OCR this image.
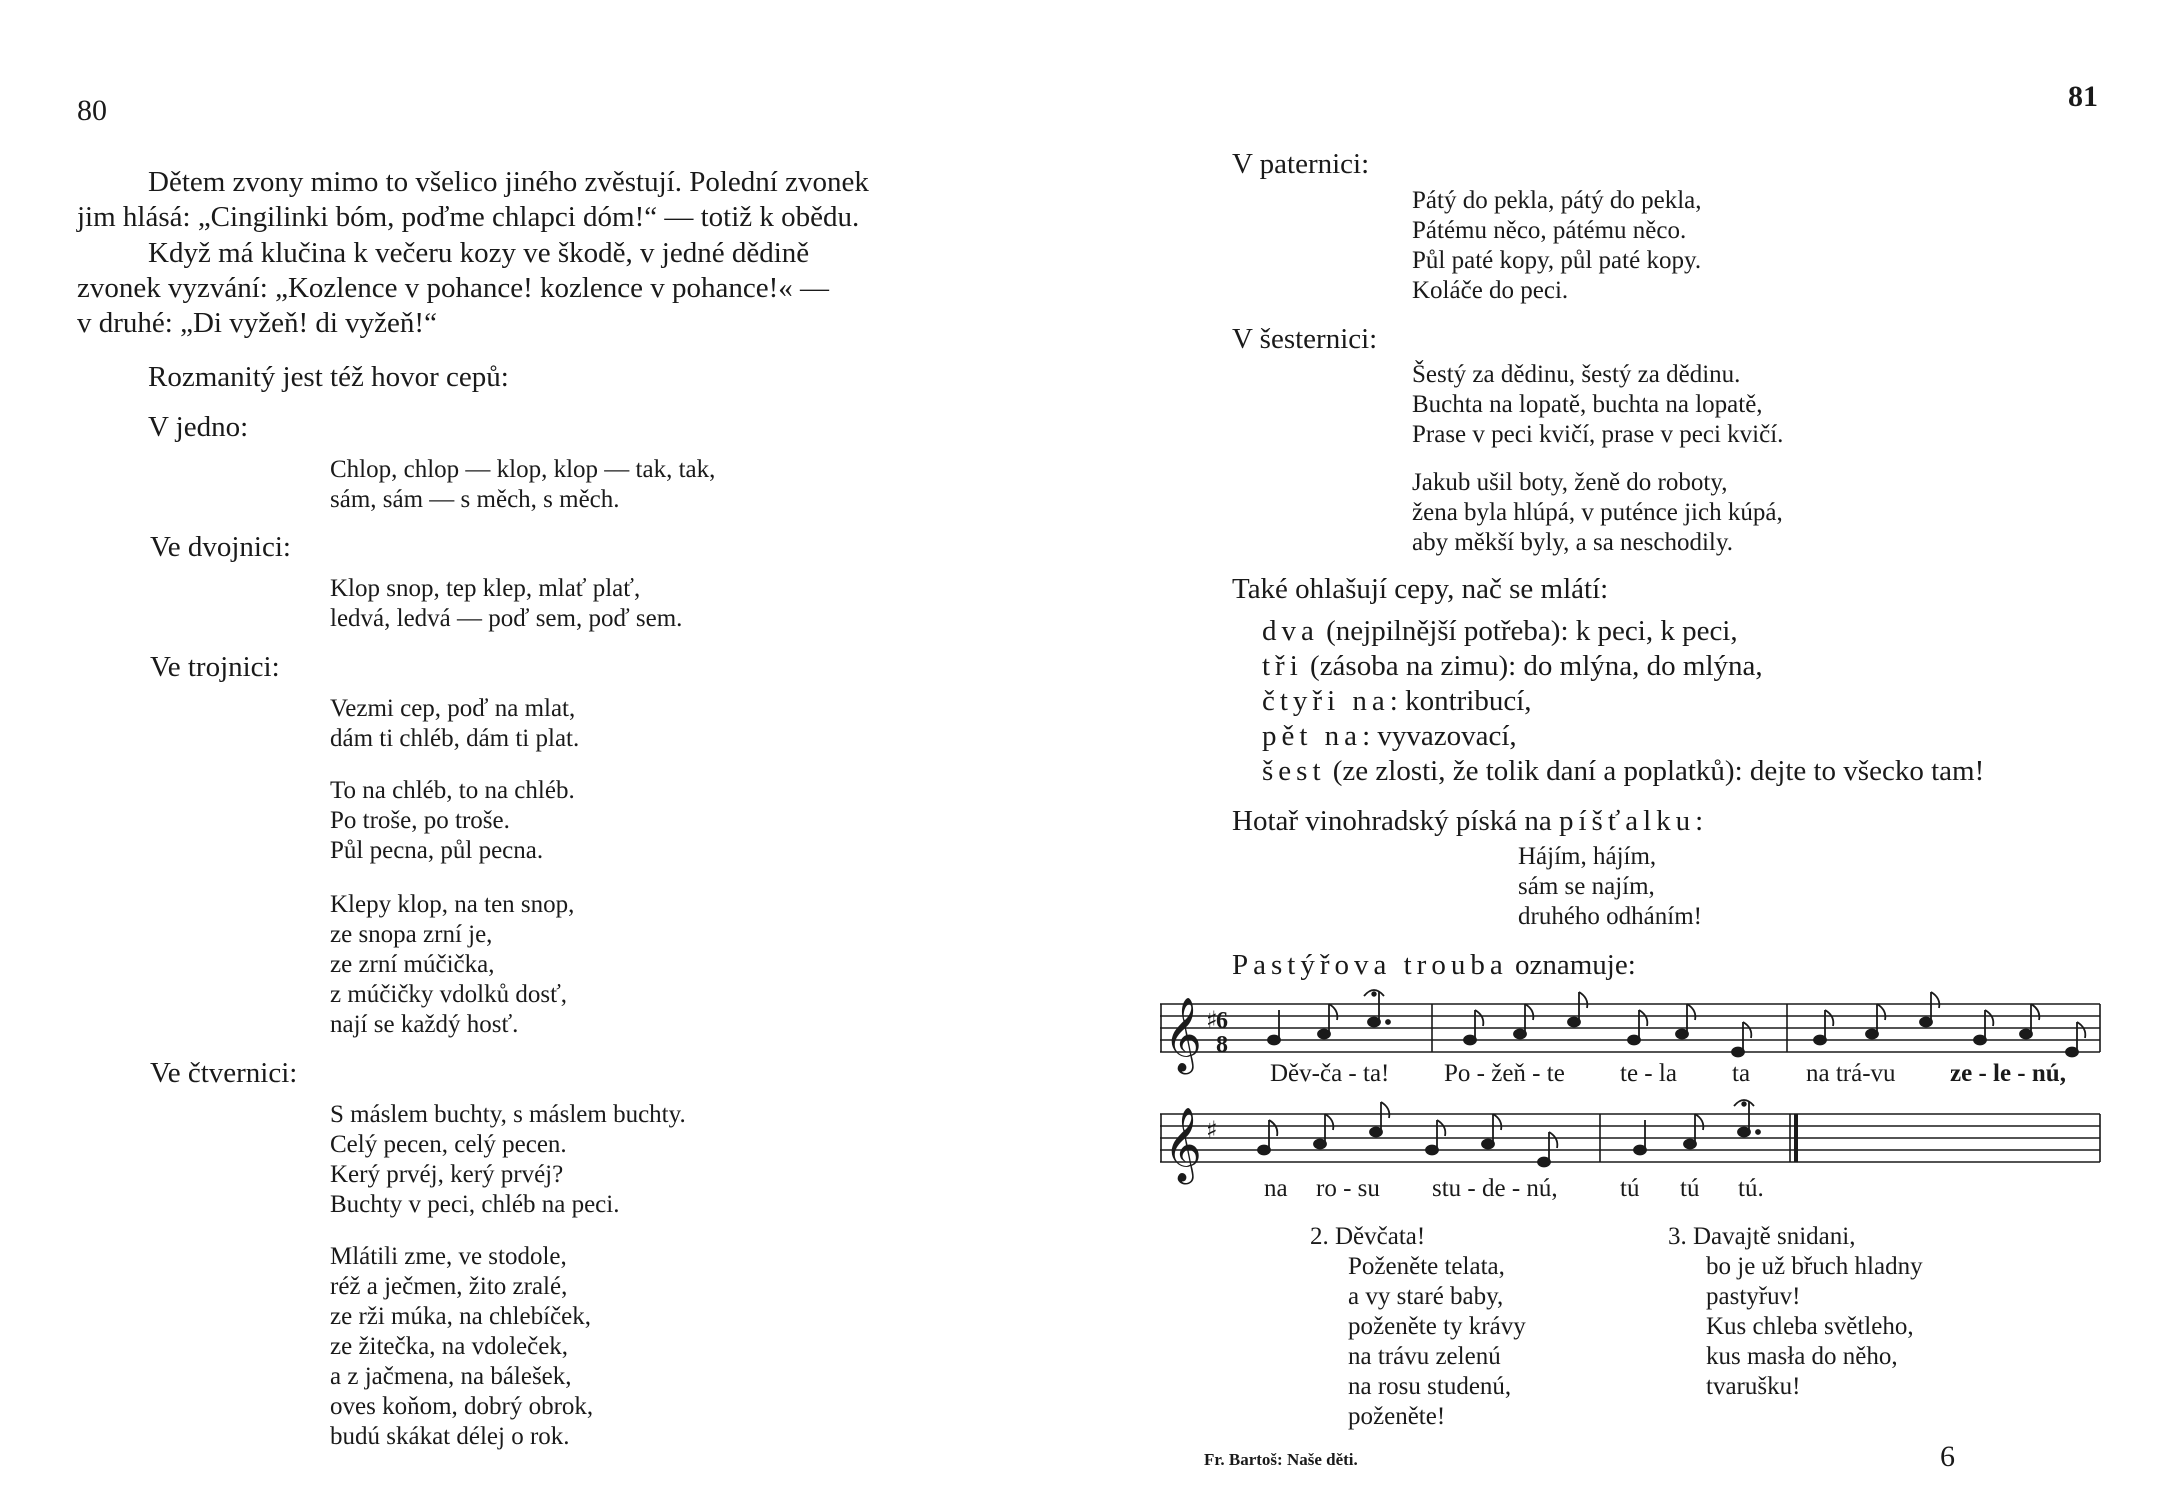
80
Dětem zvony mimo to všelico jiného zvěstují. Polední zvonek
jim hlásá: „Cingilinki bóm, poďme chlapci dóm!“ — totiž k obědu.
Když má klučina k večeru kozy ve škodě, v jedné dědině
zvonek vyzvání: „Kozlence v pohance! kozlence v pohance!« —
v druhé: „Di vyžeň! di vyžeň!“
Rozmanitý jest též hovor cepů:
V jedno:
Chlop, chlop — klop, klop — tak, tak,
sám, sám — s měch, s měch.
Ve dvojnici:
Klop snop, tep klep, mlať plať,
ledvá, ledvá — poď sem, poď sem.
Ve trojnici:
Vezmi cep, poď na mlat,
dám ti chléb, dám ti plat.
To na chléb, to na chléb.
Po troše, po troše.
Půl pecna, půl pecna.
Klepy klop, na ten snop,
ze snopa zrní je,
ze zrní múčička,
z múčičky vdolků dosť,
nají se každý hosť.
Ve čtvernici:
S máslem buchty, s máslem buchty.
Celý pecen, celý pecen.
Kerý prvéj, kerý prvéj?
Buchty v peci, chléb na peci.
Mlátili zme, ve stodole,
réž a ječmen, žito zralé,
ze rži múka, na chlebíček,
ze žitečka, na vdoleček,
a z jačmena, na bálešek,
oves koňom, dobrý obrok,
budú skákat délej o rok.
81
V paternici:
Pátý do pekla, pátý do pekla,
Pátému něco, pátému něco.
Půl paté kopy, půl paté kopy.
Koláče do peci.
V šesternici:
Šestý za dědinu, šestý za dědinu.
Buchta na lopatě, buchta na lopatě,
Prase v peci kvičí, prase v peci kvičí.
Jakub ušil boty, ženě do roboty,
žena byla hlúpá, v puténce jich kúpá,
aby měkší byly, a sa neschodily.
Také ohlašují cepy, nač se mlátí:
dva (nejpilnější potřeba): k peci, k peci,
tři (zásoba na zimu): do mlýna, do mlýna,
čtyři na: kontribucí,
pět na: vyvazovací,
šest (ze zlosti, že tolik daní a poplatků): dejte to všecko tam!
Hotař vinohradský píská na píšťalku:
Hájím, hájím,
sám se najím,
druhého odháním!
Pastýřova trouba oznamuje:
𝄞 ♯
6
8
Děv-ča - ta! Po - žeň - te te - la ta na trá-vu ze - le - nú,
𝄞 ♯
na ro - su stu - de - nú, tú tú tú.
2. Děvčata!
Poženěte telata,
a vy staré baby,
poženěte ty krávy
na trávu zelenú
na rosu studenú,
poženěte!
3. Davajtě snidani,
bo je už břuch hladny
pastyřuv!
Kus chleba světleho,
kus masła do něho,
tvarušku!
Fr. Bartoš: Naše děti.	6
